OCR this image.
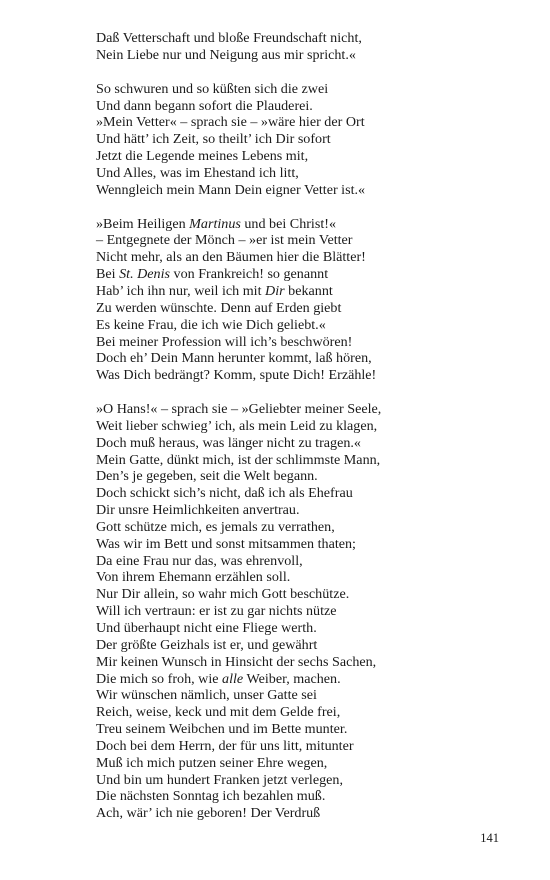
Daß Vetterschaft und bloße Freundschaft nicht,
Nein Liebe nur und Neigung aus mir spricht.«
So schwuren und so küßten sich die zwei
Und dann begann sofort die Plauderei.
»Mein Vetter« – sprach sie – »wäre hier der Ort
Und hätt’ ich Zeit, so theilt’ ich Dir sofort
Jetzt die Legende meines Lebens mit,
Und Alles, was im Ehestand ich litt,
Wenngleich mein Mann Dein eigner Vetter ist.«
»Beim Heiligen Martinus und bei Christ!«
– Entgegnete der Mönch – »er ist mein Vetter
Nicht mehr, als an den Bäumen hier die Blätter!
Bei St. Denis von Frankreich! so genannt
Hab’ ich ihn nur, weil ich mit Dir bekannt
Zu werden wünschte. Denn auf Erden giebt
Es keine Frau, die ich wie Dich geliebt.«
Bei meiner Profession will ich’s beschwören!
Doch eh’ Dein Mann herunter kommt, laß hören,
Was Dich bedrängt? Komm, spute Dich! Erzähle!
»O Hans!« – sprach sie – »Geliebter meiner Seele,
Weit lieber schwieg’ ich, als mein Leid zu klagen,
Doch muß heraus, was länger nicht zu tragen.«
Mein Gatte, dünkt mich, ist der schlimmste Mann,
Den’s je gegeben, seit die Welt begann.
Doch schickt sich’s nicht, daß ich als Ehefrau
Dir unsre Heimlichkeiten anvertrau.
Gott schütze mich, es jemals zu verrathen,
Was wir im Bett und sonst mitsammen thaten;
Da eine Frau nur das, was ehrenvoll,
Von ihrem Ehemann erzählen soll.
Nur Dir allein, so wahr mich Gott beschütze.
Will ich vertraun: er ist zu gar nichts nütze
Und überhaupt nicht eine Fliege werth.
Der größte Geizhals ist er, und gewährt
Mir keinen Wunsch in Hinsicht der sechs Sachen,
Die mich so froh, wie alle Weiber, machen.
Wir wünschen nämlich, unser Gatte sei
Reich, weise, keck und mit dem Gelde frei,
Treu seinem Weibchen und im Bette munter.
Doch bei dem Herrn, der für uns litt, mitunter
Muß ich mich putzen seiner Ehre wegen,
Und bin um hundert Franken jetzt verlegen,
Die nächsten Sonntag ich bezahlen muß.
Ach, wär’ ich nie geboren! Der Verdruß
141
